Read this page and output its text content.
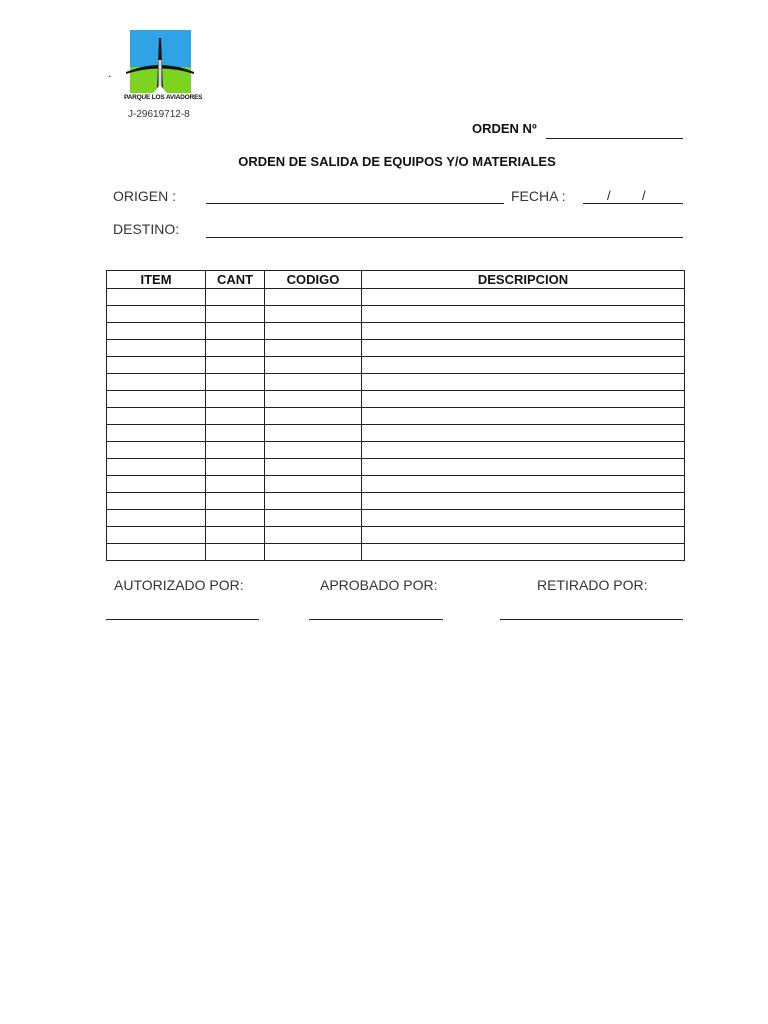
.
PARQUE LOS AVIADORES
J-29619712-8
ORDEN Nº
ORDEN DE SALIDA DE EQUIPOS Y/O MATERIALES
ORIGEN :	FECHA :	/ /
DESTINO:
ITEM	CANT	CODIGO	DESCRIPCION

AUTORIZADO POR:	APROBADO POR:	RETIRADO POR:
